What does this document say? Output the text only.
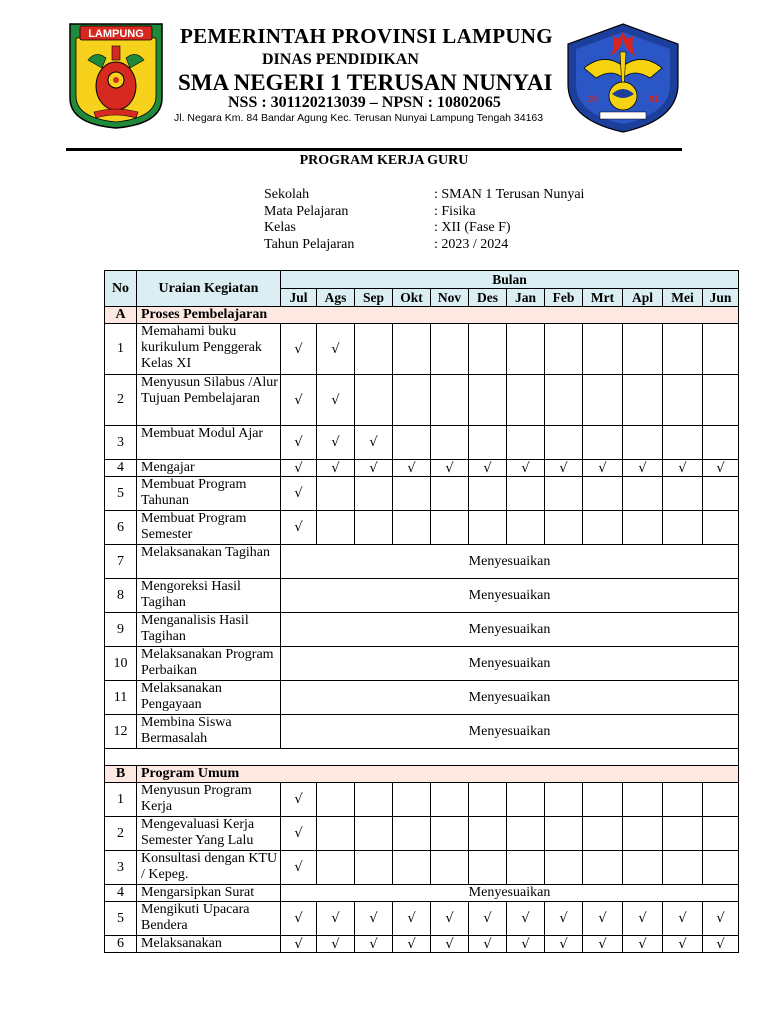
LAMPUNG PEMERINTAH PROVINSI LAMPUNG
DINAS PENDIDIKAN
SMA NEGERI 1 TERUSAN NUNYAI
NSS : 301120213039 – NPSN : 10802065
Jl. Negara Km. 84 Bandar Agung Kec. Terusan Nunyai Lampung Tengah 34163
19	91
PROGRAM KERJA GURU
Sekolah	: SMAN 1 Terusan Nunyai
Mata Pelajaran	: Fisika
Kelas	: XII (Fase F)
Tahun Pelajaran	: 2023 / 2024
No	Uraian Kegiatan	Bulan											
		Jul	Ags	Sep	Okt	Nov	Des	Jan	Feb	Mrt	Apl	Mei	Jun
A	Proses Pembelajaran												
1	Memahami buku kurikulum Penggerak Kelas XI	√	√										
2	Menyusun Silabus /Alur Tujuan Pembelajaran	√	√										
3	Membuat Modul Ajar	√	√	√									
4	Mengajar	√	√	√	√	√	√	√	√	√	√	√	√
5	Membuat Program Tahunan	√											
6	Membuat Program Semester	√											
7	Melaksanakan Tagihan	Menyesuaikan											
8	Mengoreksi Hasil Tagihan	Menyesuaikan											
9	Menganalisis Hasil Tagihan	Menyesuaikan											
10	Melaksanakan Program Perbaikan	Menyesuaikan											
11	Melaksanakan Pengayaan	Menyesuaikan											
12	Membina Siswa Bermasalah	Menyesuaikan											

B	Program Umum												
1	Menyusun Program Kerja	√											
2	Mengevaluasi Kerja Semester Yang Lalu	√											
3	Konsultasi dengan KTU / Kepeg.	√											
4	Mengarsipkan Surat	Menyesuaikan											
5	Mengikuti Upacara Bendera	√	√	√	√	√	√	√	√	√	√	√	√
6	Melaksanakan	√	√	√	√	√	√	√	√	√	√	√	√
